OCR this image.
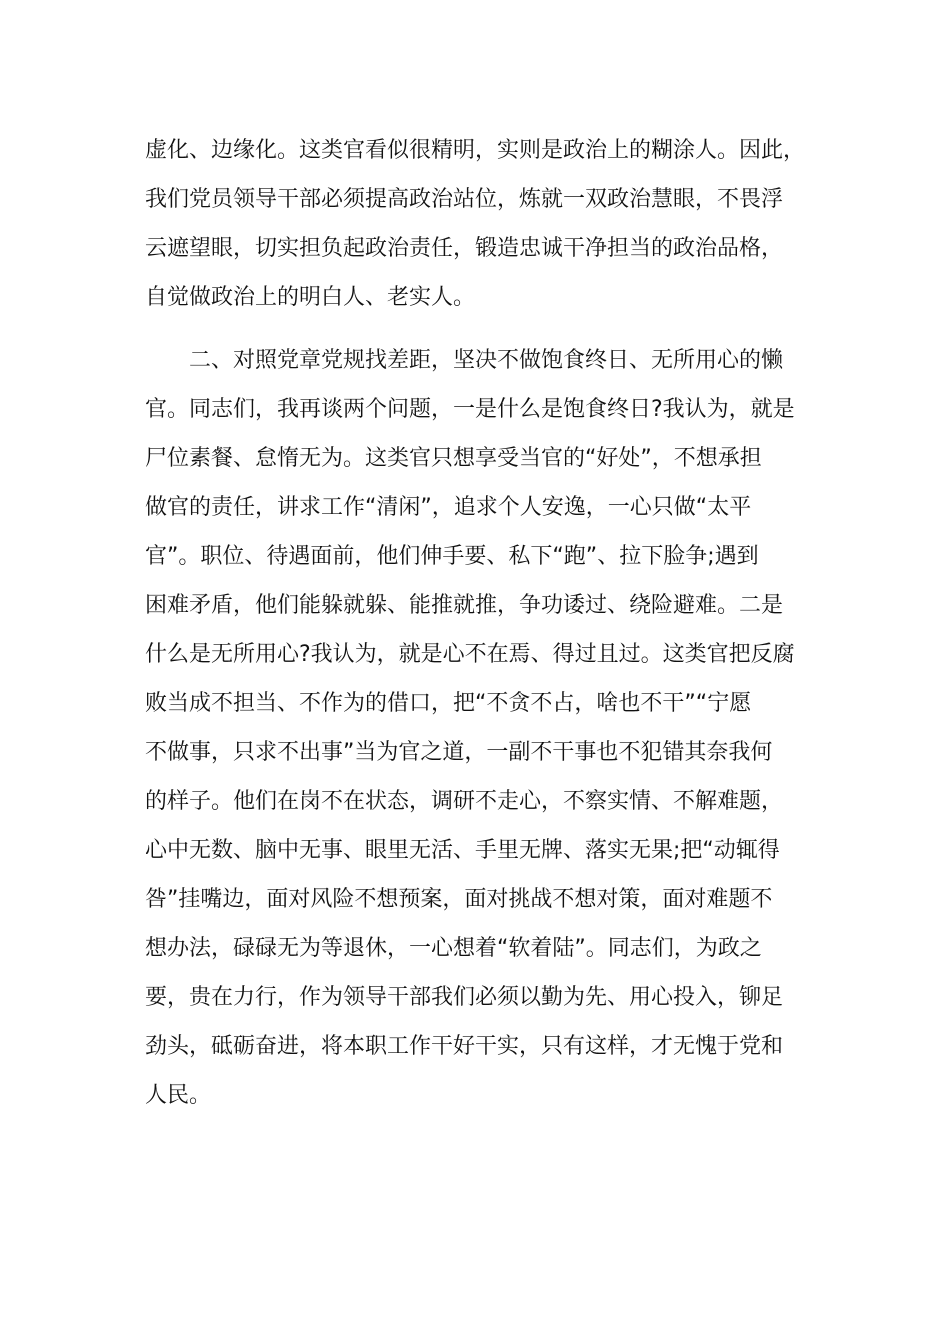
虚化、边缘化。这类官看似很精明，实则是政治上的糊涂人。因此，
我们党员领导干部必须提高政治站位，炼就一双政治慧眼，不畏浮
云遮望眼，切实担负起政治责任，锻造忠诚干净担当的政治品格，
自觉做政治上的明白人、老实人。

　　二、对照党章党规找差距，坚决不做饱食终日、无所用心的懒
官。同志们，我再谈两个问题，一是什么是饱食终日?我认为，就是
尸位素餐、怠惰无为。这类官只想享受当官的“好处”，不想承担
做官的责任，讲求工作“清闲”，追求个人安逸，一心只做“太平
官”。职位、待遇面前，他们伸手要、私下“跑”、拉下脸争;遇到
困难矛盾，他们能躲就躲、能推就推，争功诿过、绕险避难。二是
什么是无所用心?我认为，就是心不在焉、得过且过。这类官把反腐
败当成不担当、不作为的借口，把“不贪不占，啥也不干”“宁愿
不做事，只求不出事”当为官之道，一副不干事也不犯错其奈我何
的样子。他们在岗不在状态，调研不走心，不察实情、不解难题，
心中无数、脑中无事、眼里无活、手里无牌、落实无果;把“动辄得
咎”挂嘴边，面对风险不想预案，面对挑战不想对策，面对难题不
想办法，碌碌无为等退休，一心想着“软着陆”。同志们，为政之
要，贵在力行，作为领导干部我们必须以勤为先、用心投入，铆足
劲头，砥砺奋进，将本职工作干好干实，只有这样，才无愧于党和
人民。
